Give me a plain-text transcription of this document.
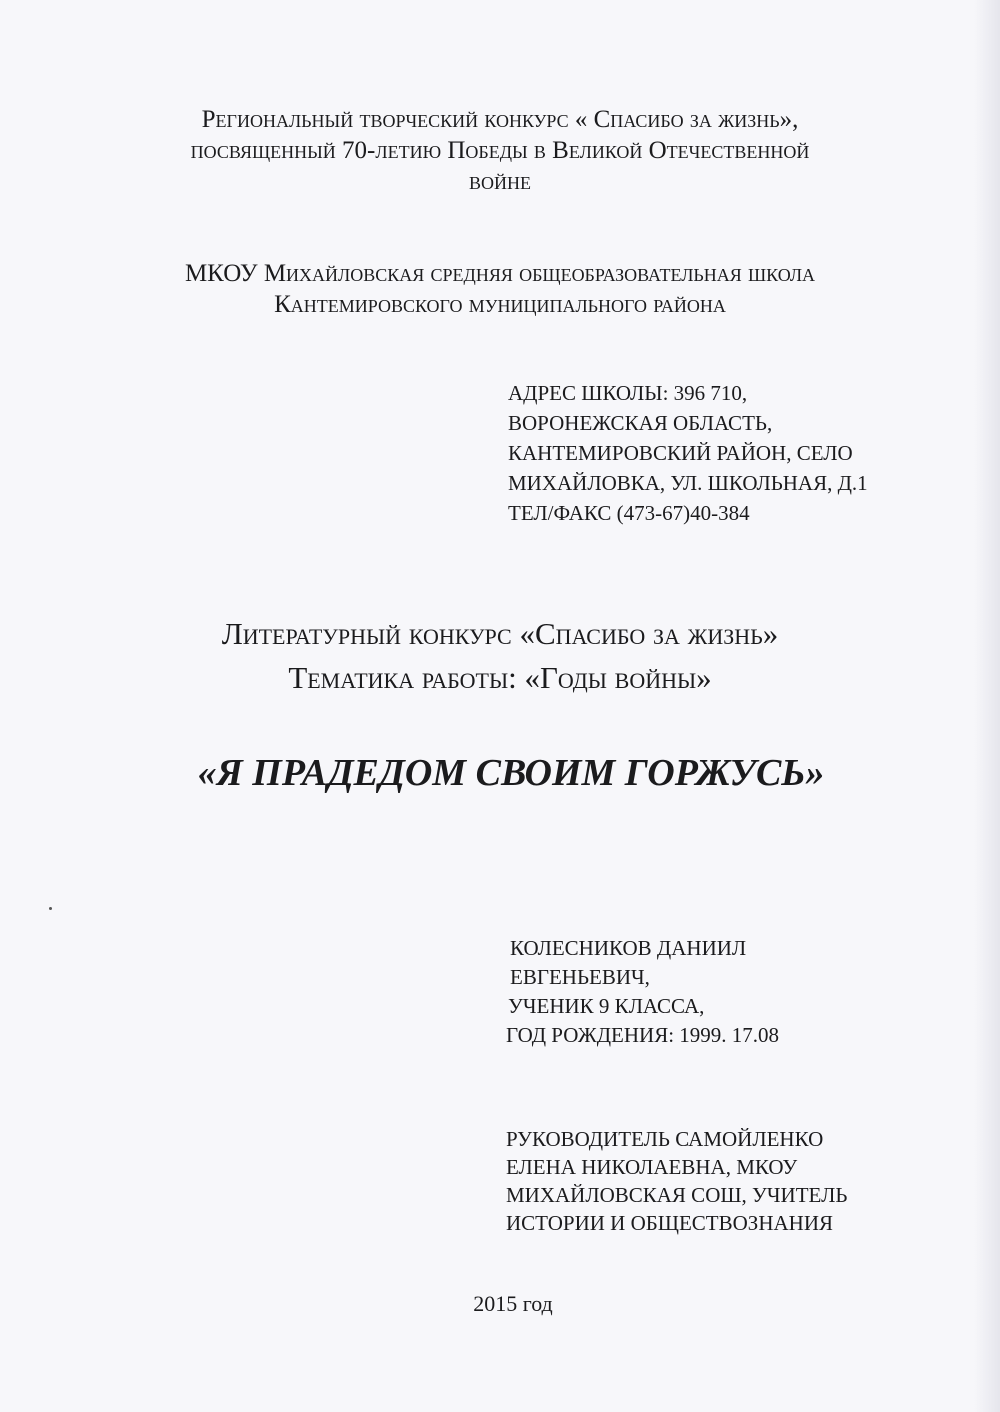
Региональный творческий конкурс « Спасибо за жизнь»,
посвященный 70-летию Победы в Великой Отечественной
войне
МКОУ Михайловская средняя общеобразовательная школа
Кантемировского муниципального района
АДРЕС ШКОЛЫ: 396 710,
ВОРОНЕЖСКАЯ ОБЛАСТЬ,
КАНТЕМИРОВСКИЙ РАЙОН, СЕЛО
МИХАЙЛОВКА, УЛ. ШКОЛЬНАЯ, Д.1
ТЕЛ/ФАКС (473-67)40-384
Литературный конкурс «Спасибо за жизнь»
Тематика работы: «Годы войны»
«Я ПРАДЕДОМ СВОИМ ГОРЖУСЬ»
КОЛЕСНИКОВ ДАНИИЛ
ЕВГЕНЬЕВИЧ,
УЧЕНИК 9 КЛАССА,
ГОД РОЖДЕНИЯ: 1999. 17.08
РУКОВОДИТЕЛЬ САМОЙЛЕНКО
ЕЛЕНА НИКОЛАЕВНА, МКОУ
МИХАЙЛОВСКАЯ СОШ, УЧИТЕЛЬ
ИСТОРИИ И ОБЩЕСТВОЗНАНИЯ
2015 год
